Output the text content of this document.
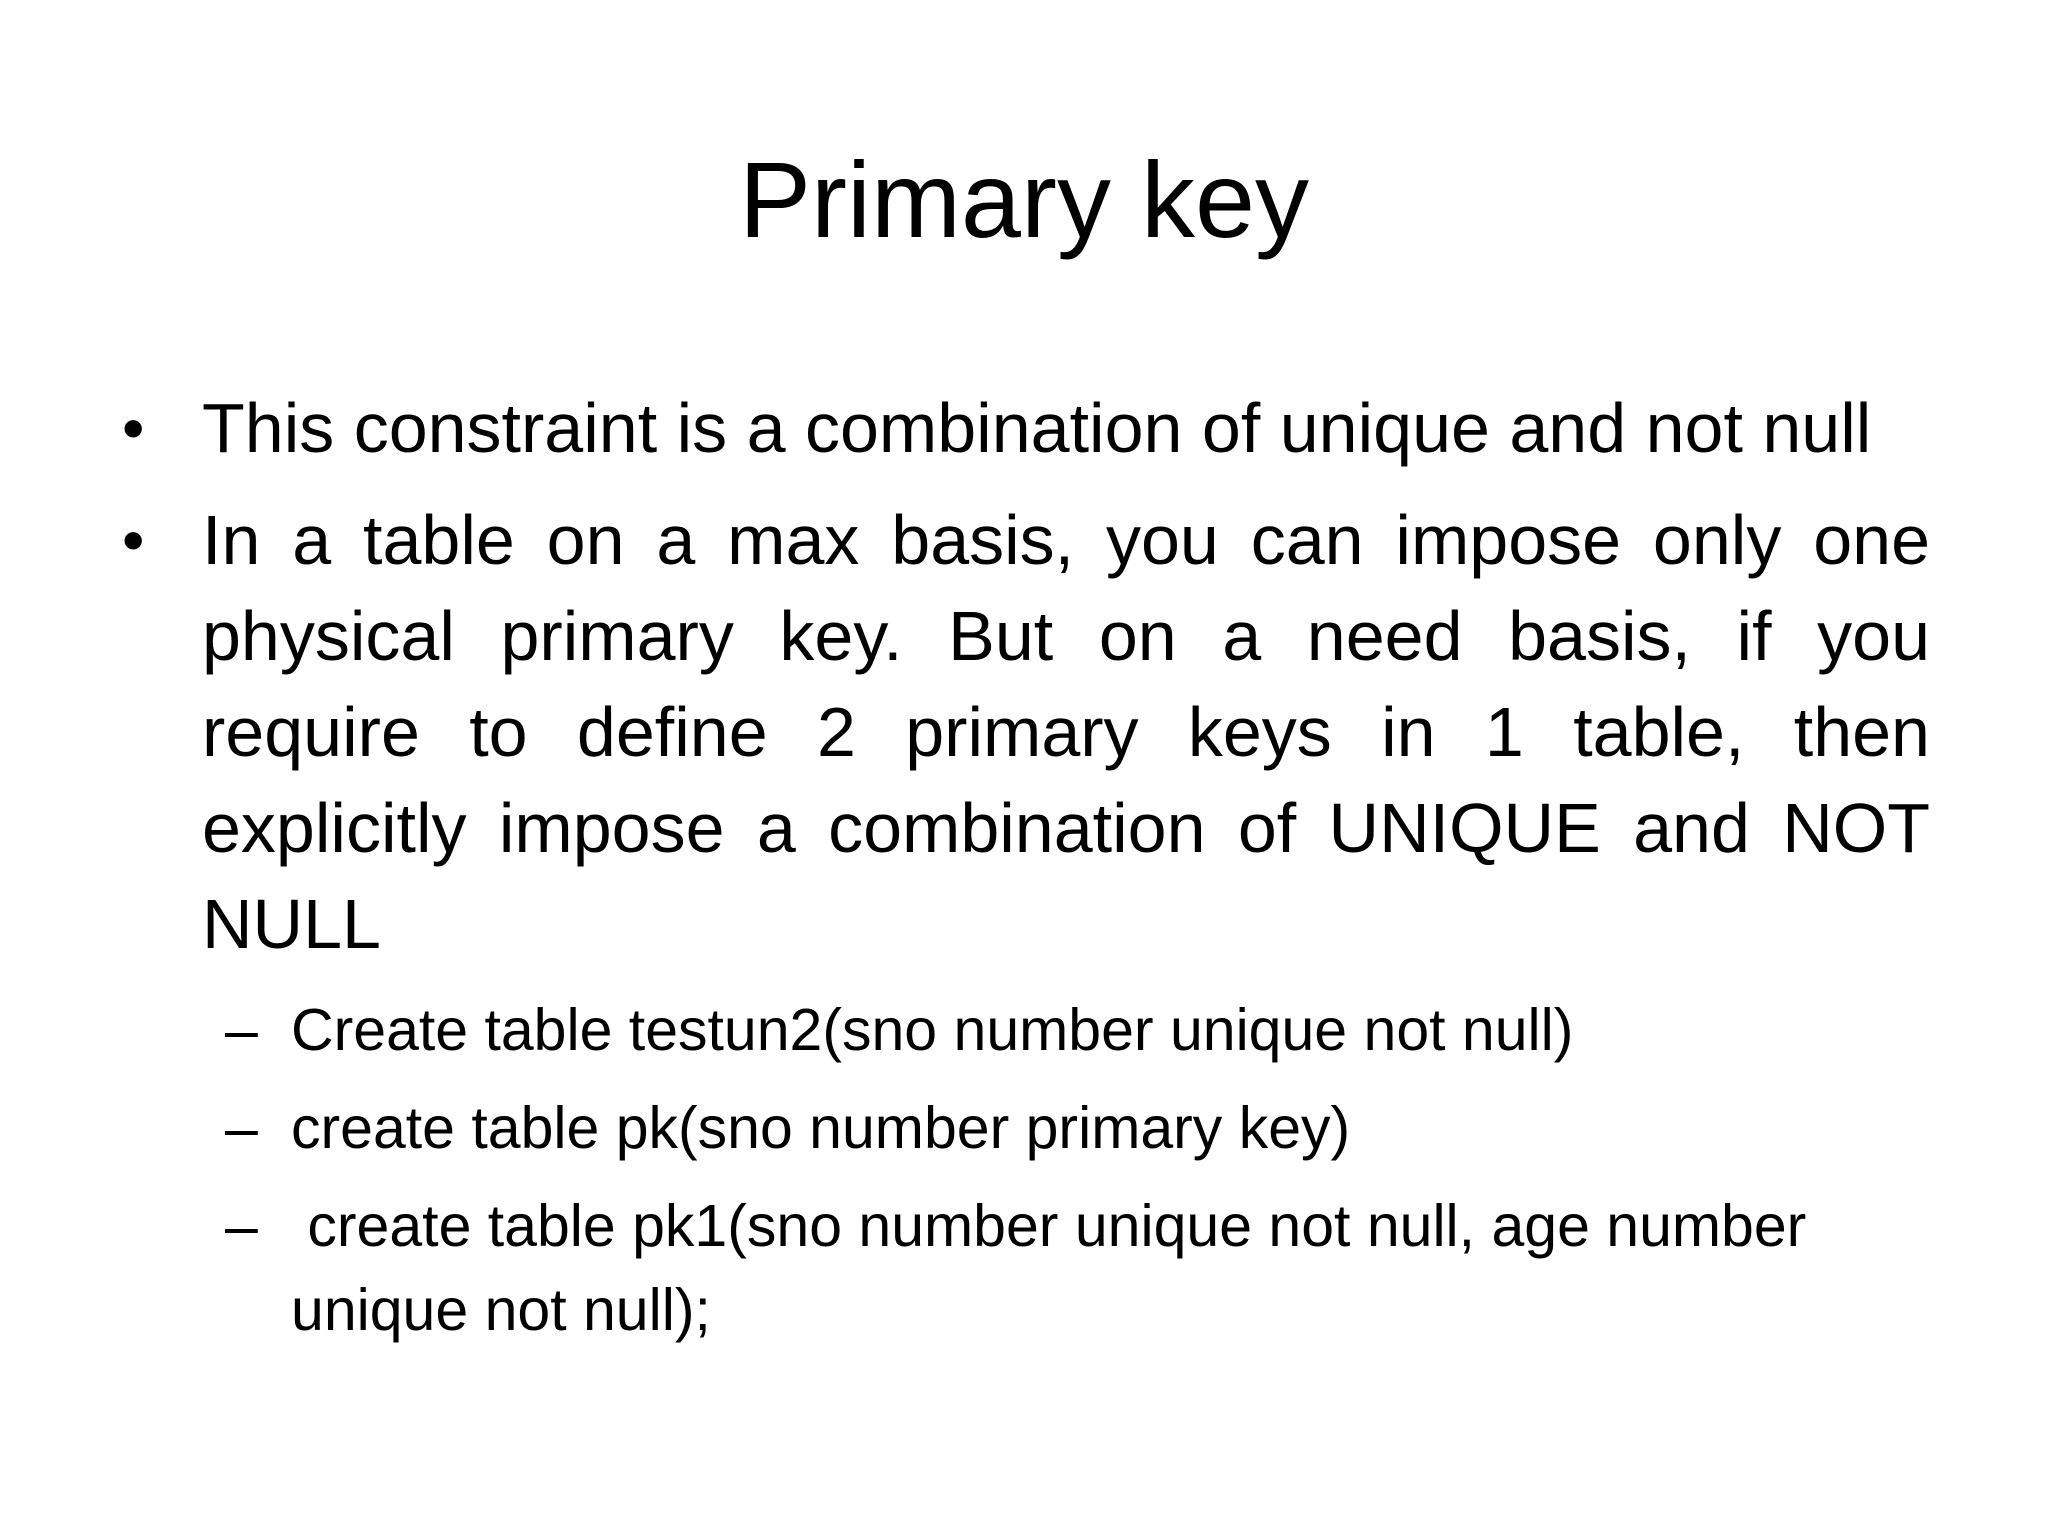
Primary key
• This constraint is a combination of unique and not null
• In a table on a max basis, you can impose only one physical primary key. But on a need basis, if you require to define 2 primary keys in 1 table, then explicitly impose a combination of UNIQUE and NOT NULL
– Create table testun2(sno number unique not null)
– create table pk(sno number primary key)
– create table pk1(sno number unique not null, age number unique not null);
